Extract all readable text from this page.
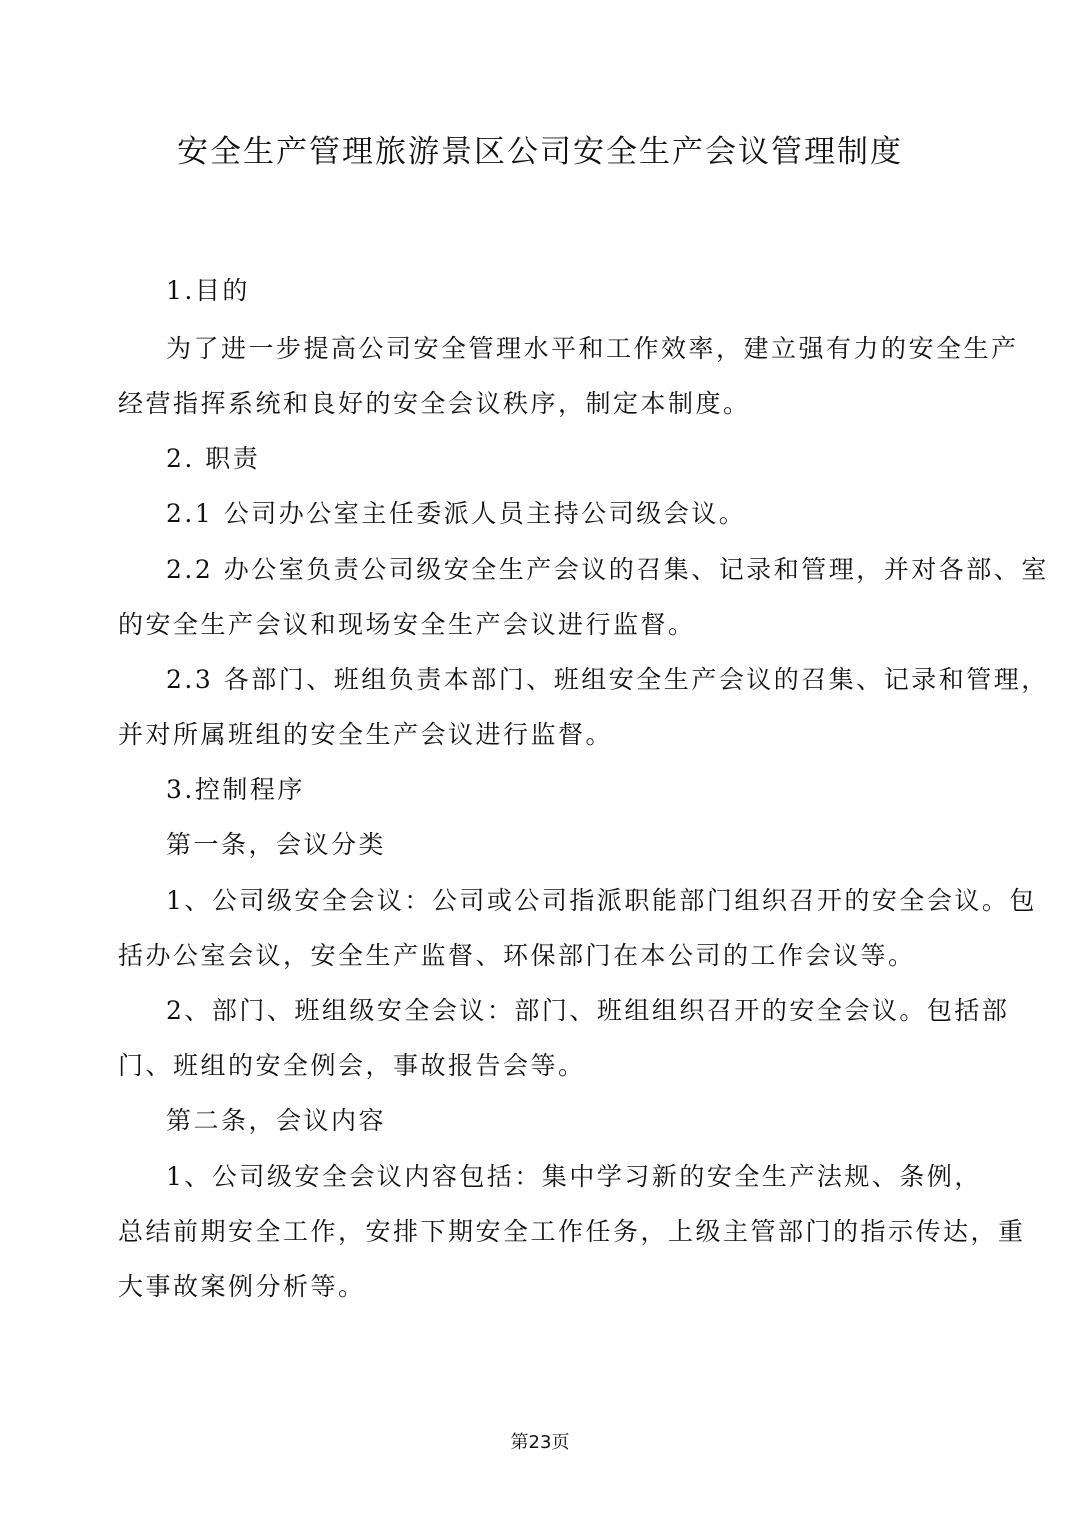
安全生产管理旅游景区公司安全生产会议管理制度
1.目的
为了进一步提高公司安全管理水平和工作效率，建立强有力的安全生产
经营指挥系统和良好的安全会议秩序，制定本制度。
2. 职责
2.1 公司办公室主任委派人员主持公司级会议。
2.2 办公室负责公司级安全生产会议的召集、记录和管理，并对各部、室
的安全生产会议和现场安全生产会议进行监督。
2.3 各部门、班组负责本部门、班组安全生产会议的召集、记录和管理，
并对所属班组的安全生产会议进行监督。
3.控制程序
第一条，会议分类
1、公司级安全会议：公司或公司指派职能部门组织召开的安全会议。包
括办公室会议，安全生产监督、环保部门在本公司的工作会议等。
2、部门、班组级安全会议：部门、班组组织召开的安全会议。包括部
门、班组的安全例会，事故报告会等。
第二条，会议内容
1、公司级安全会议内容包括：集中学习新的安全生产法规、条例，
总结前期安全工作，安排下期安全工作任务，上级主管部门的指示传达，重
大事故案例分析等。
第23页
